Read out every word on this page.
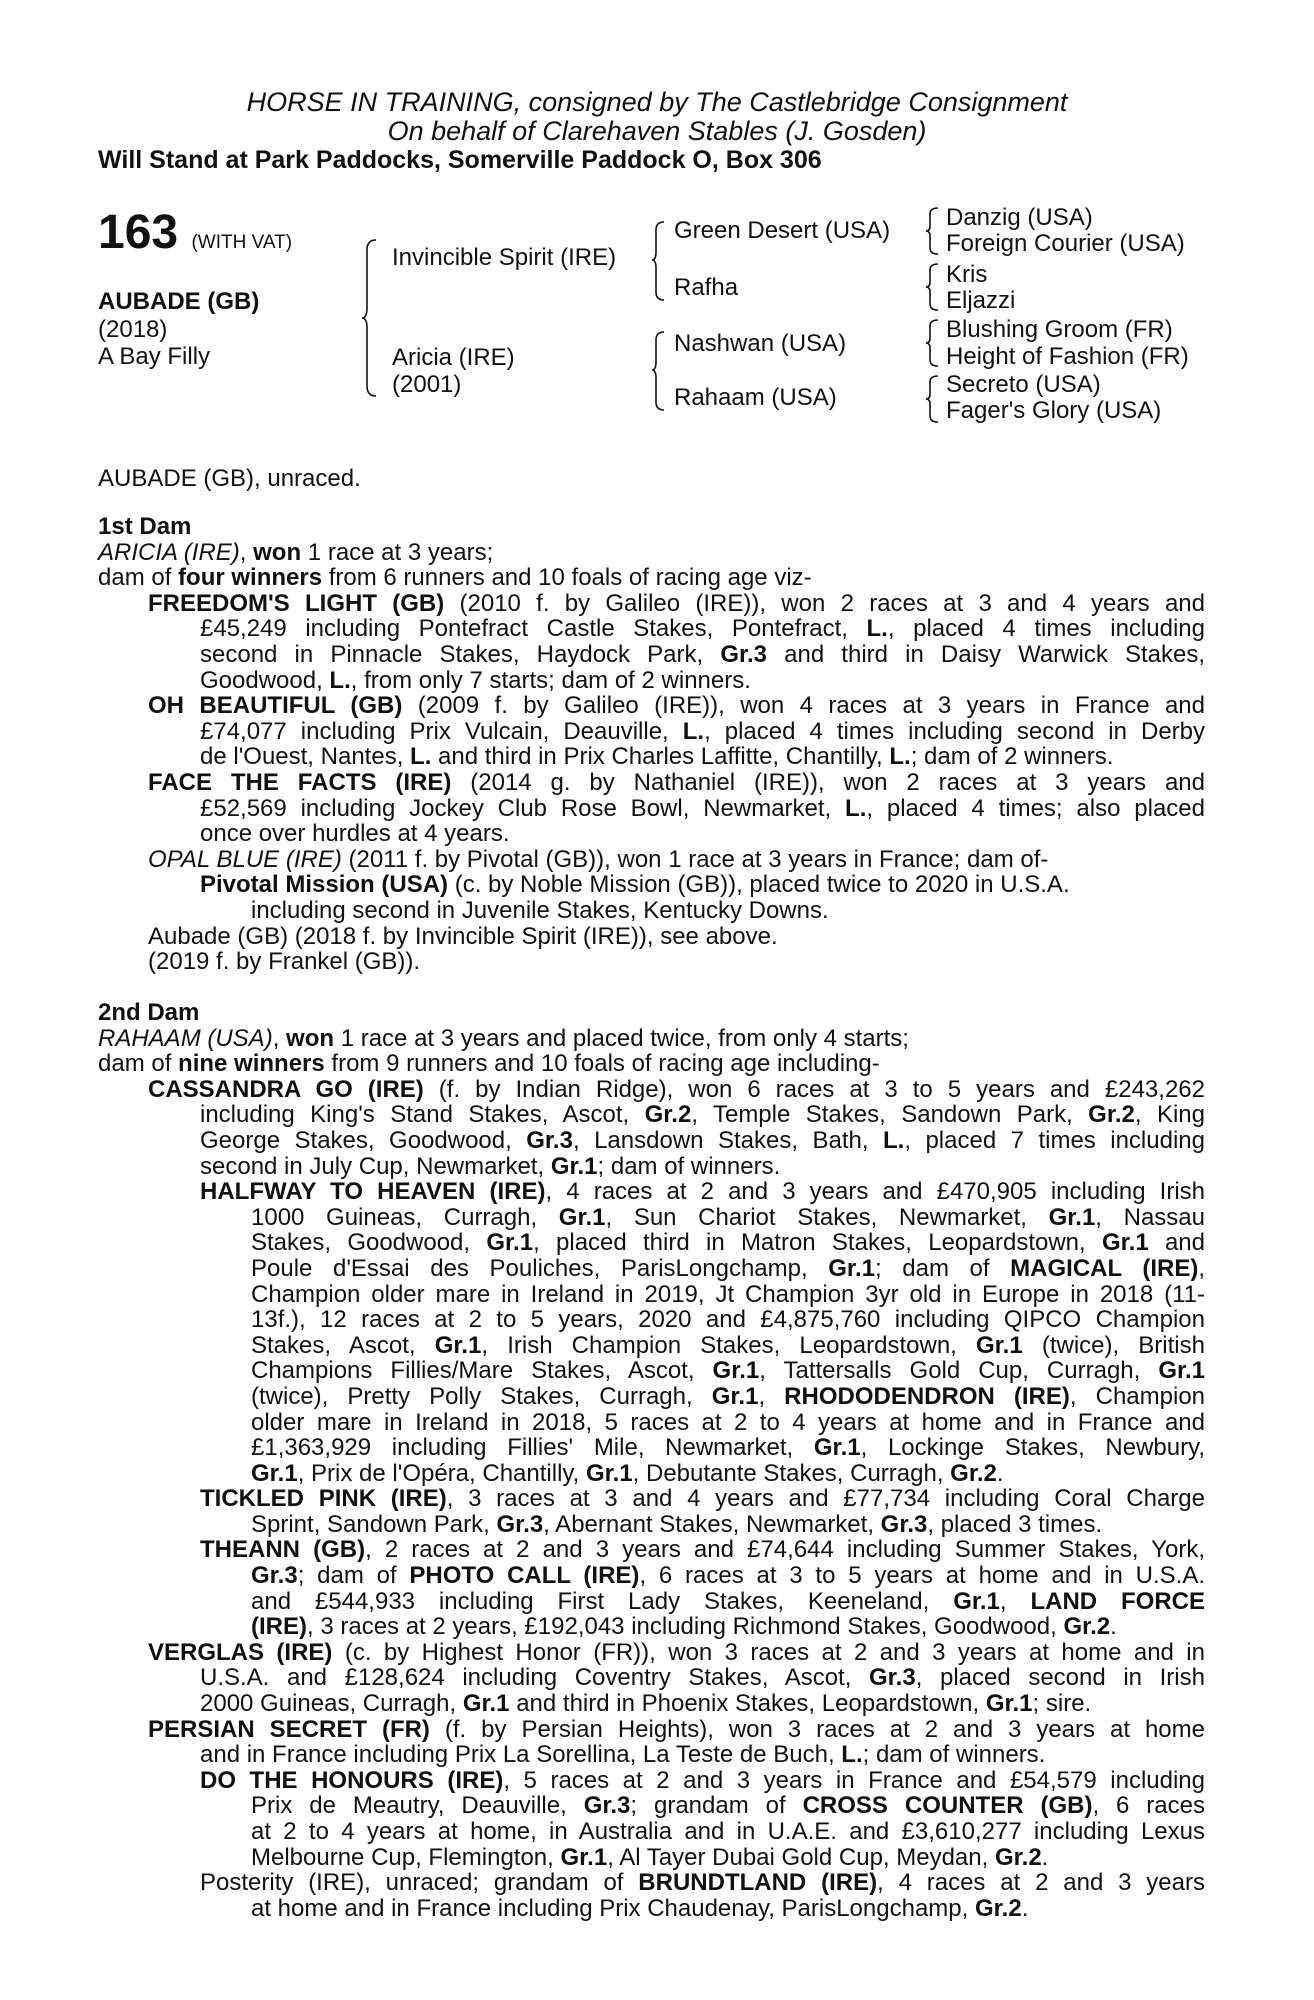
HORSE IN TRAINING, consigned by The Castlebridge Consignment
On behalf of Clarehaven Stables (J. Gosden)
Will Stand at Park Paddocks, Somerville Paddock O, Box 306
163 (WITH VAT)
AUBADE (GB)
(2018)
A Bay Filly
Invincible Spirit (IRE)
Aricia (IRE)
(2001)
Green Desert (USA)
Rafha
Nashwan (USA)
Rahaam (USA)
Danzig (USA)
Foreign Courier (USA)
Kris
Eljazzi
Blushing Groom (FR)
Height of Fashion (FR)
Secreto (USA)
Fager's Glory (USA)
AUBADE (GB), unraced.
1st Dam
ARICIA (IRE), won 1 race at 3 years;
dam of four winners from 6 runners and 10 foals of racing age viz-
FREEDOM'S LIGHT (GB) (2010 f. by Galileo (IRE)), won 2 races at 3 and 4 years and
£45,249 including Pontefract Castle Stakes, Pontefract, L., placed 4 times including
second in Pinnacle Stakes, Haydock Park, Gr.3 and third in Daisy Warwick Stakes,
Goodwood, L., from only 7 starts; dam of 2 winners.
OH BEAUTIFUL (GB) (2009 f. by Galileo (IRE)), won 4 races at 3 years in France and
£74,077 including Prix Vulcain, Deauville, L., placed 4 times including second in Derby
de l'Ouest, Nantes, L. and third in Prix Charles Laffitte, Chantilly, L.; dam of 2 winners.
FACE THE FACTS (IRE) (2014 g. by Nathaniel (IRE)), won 2 races at 3 years and
£52,569 including Jockey Club Rose Bowl, Newmarket, L., placed 4 times; also placed
once over hurdles at 4 years.
OPAL BLUE (IRE) (2011 f. by Pivotal (GB)), won 1 race at 3 years in France; dam of-
Pivotal Mission (USA) (c. by Noble Mission (GB)), placed twice to 2020 in U.S.A.
including second in Juvenile Stakes, Kentucky Downs.
Aubade (GB) (2018 f. by Invincible Spirit (IRE)), see above.
(2019 f. by Frankel (GB)).
2nd Dam
RAHAAM (USA), won 1 race at 3 years and placed twice, from only 4 starts;
dam of nine winners from 9 runners and 10 foals of racing age including-
CASSANDRA GO (IRE) (f. by Indian Ridge), won 6 races at 3 to 5 years and £243,262
including King's Stand Stakes, Ascot, Gr.2, Temple Stakes, Sandown Park, Gr.2, King
George Stakes, Goodwood, Gr.3, Lansdown Stakes, Bath, L., placed 7 times including
second in July Cup, Newmarket, Gr.1; dam of winners.
HALFWAY TO HEAVEN (IRE), 4 races at 2 and 3 years and £470,905 including Irish
1000 Guineas, Curragh, Gr.1, Sun Chariot Stakes, Newmarket, Gr.1, Nassau
Stakes, Goodwood, Gr.1, placed third in Matron Stakes, Leopardstown, Gr.1 and
Poule d'Essai des Pouliches, ParisLongchamp, Gr.1; dam of MAGICAL (IRE),
Champion older mare in Ireland in 2019, Jt Champion 3yr old in Europe in 2018 (11-
13f.), 12 races at 2 to 5 years, 2020 and £4,875,760 including QIPCO Champion
Stakes, Ascot, Gr.1, Irish Champion Stakes, Leopardstown, Gr.1 (twice), British
Champions Fillies/Mare Stakes, Ascot, Gr.1, Tattersalls Gold Cup, Curragh, Gr.1
(twice), Pretty Polly Stakes, Curragh, Gr.1, RHODODENDRON (IRE), Champion
older mare in Ireland in 2018, 5 races at 2 to 4 years at home and in France and
£1,363,929 including Fillies' Mile, Newmarket, Gr.1, Lockinge Stakes, Newbury,
Gr.1, Prix de l'Opéra, Chantilly, Gr.1, Debutante Stakes, Curragh, Gr.2.
TICKLED PINK (IRE), 3 races at 3 and 4 years and £77,734 including Coral Charge
Sprint, Sandown Park, Gr.3, Abernant Stakes, Newmarket, Gr.3, placed 3 times.
THEANN (GB), 2 races at 2 and 3 years and £74,644 including Summer Stakes, York,
Gr.3; dam of PHOTO CALL (IRE), 6 races at 3 to 5 years at home and in U.S.A.
and £544,933 including First Lady Stakes, Keeneland, Gr.1, LAND FORCE
(IRE), 3 races at 2 years, £192,043 including Richmond Stakes, Goodwood, Gr.2.
VERGLAS (IRE) (c. by Highest Honor (FR)), won 3 races at 2 and 3 years at home and in
U.S.A. and £128,624 including Coventry Stakes, Ascot, Gr.3, placed second in Irish
2000 Guineas, Curragh, Gr.1 and third in Phoenix Stakes, Leopardstown, Gr.1; sire.
PERSIAN SECRET (FR) (f. by Persian Heights), won 3 races at 2 and 3 years at home
and in France including Prix La Sorellina, La Teste de Buch, L.; dam of winners.
DO THE HONOURS (IRE), 5 races at 2 and 3 years in France and £54,579 including
Prix de Meautry, Deauville, Gr.3; grandam of CROSS COUNTER (GB), 6 races
at 2 to 4 years at home, in Australia and in U.A.E. and £3,610,277 including Lexus
Melbourne Cup, Flemington, Gr.1, Al Tayer Dubai Gold Cup, Meydan, Gr.2.
Posterity (IRE), unraced; grandam of BRUNDTLAND (IRE), 4 races at 2 and 3 years
at home and in France including Prix Chaudenay, ParisLongchamp, Gr.2.
